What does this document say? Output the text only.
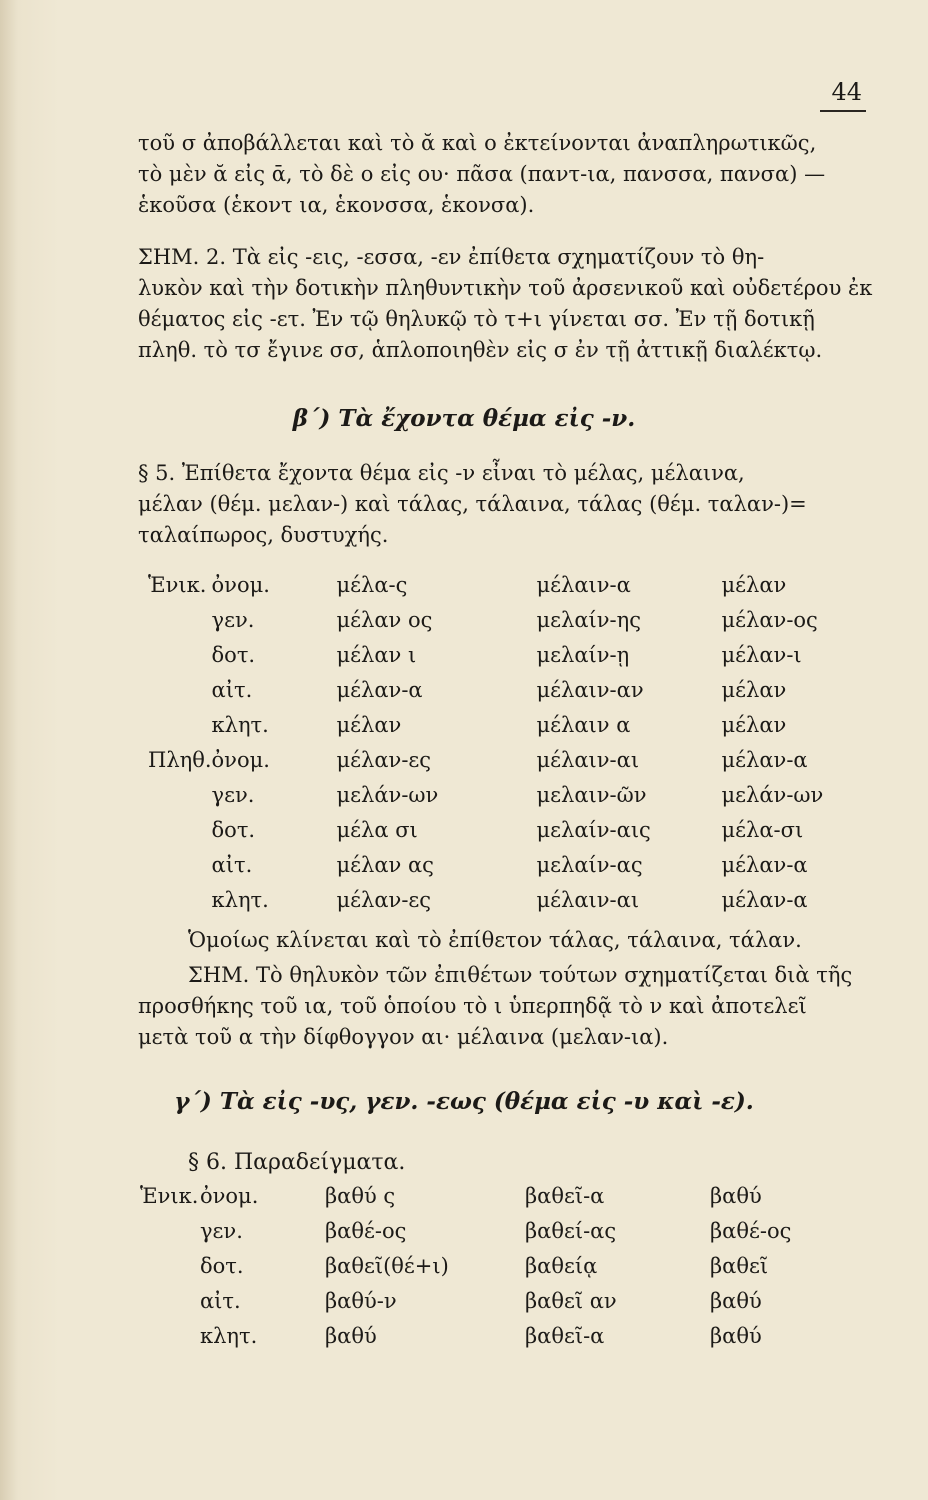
44
τοῦ σ ἀποβάλλεται καὶ τὸ ᾰ καὶ ο ἐκτείνονται ἀναπληρωτικῶς,
τὸ μὲν ᾰ εἰς ᾱ, τὸ δὲ ο εἰς ου· πᾶσα (παντ-ια, πανσσα, πανσα) —
ἑκοῦσα (ἑκοντ ια, ἑκονσσα, ἑκονσα).
ΣΗΜ. 2. Τὰ εἰς -εις, -εσσα, -εν ἐπίθετα σχηματίζουν τὸ θη-
λυκὸν καὶ τὴν δοτικὴν πληθυντικὴν τοῦ ἀρσενικοῦ καὶ οὐδετέρου ἐκ
θέματος εἰς -ετ. Ἐν τῷ θηλυκῷ τὸ τ+ι γίνεται σσ. Ἐν τῇ δοτικῇ
πληθ. τὸ τσ ἔγινε σσ, ἁπλοποιηθὲν εἰς σ ἐν τῇ ἀττικῇ διαλέκτῳ.
β΄) Τὰ ἔχοντα θέμα εἰς -ν.
§ 5. Ἐπίθετα ἔχοντα θέμα εἰς -ν εἶναι τὸ μέλας, μέλαινα,
μέλαν (θέμ. μελαν-) καὶ τάλας, τάλαινα, τάλας (θέμ. ταλαν-)=
ταλαίπωρος, δυστυχής.
Ἑνικ.	ὀνομ.	μέλα-ς	μέλαιν-α	μέλαν
	γεν.	μέλαν ος	μελαίν-ης	μέλαν-ος
	δοτ.	μέλαν ι	μελαίν-ῃ	μέλαν-ι
	αἰτ.	μέλαν-α	μέλαιν-αν	μέλαν
	κλητ.	μέλαν	μέλαιν α	μέλαν
Πληθ.	ὀνομ.	μέλαν-ες	μέλαιν-αι	μέλαν-α
	γεν.	μελάν-ων	μελαιν-ῶν	μελάν-ων
	δοτ.	μέλα σι	μελαίν-αις	μέλα-σι
	αἰτ.	μέλαν ας	μελαίν-ας	μέλαν-α
	κλητ.	μέλαν-ες	μέλαιν-αι	μέλαν-α
Ὁμοίως κλίνεται καὶ τὸ ἐπίθετον τάλας, τάλαινα, τάλαν.
ΣΗΜ. Τὸ θηλυκὸν τῶν ἐπιθέτων τούτων σχηματίζεται διὰ τῆς
προσθήκης τοῦ ια, τοῦ ὁποίου τὸ ι ὑπερπηδᾷ τὸ ν καὶ ἀποτελεῖ
μετὰ τοῦ α τὴν δίφθογγον αι· μέλαινα (μελαν-ια).
γ΄) Τὰ εἰς -υς, γεν. -εως (θέμα εἰς -υ καὶ -ε).
§ 6. Παραδείγματα.
Ἑνικ.	ὀνομ.	βαθύ ς	βαθεῖ-α	βαθύ
	γεν.	βαθέ-ος	βαθεί-ας	βαθέ-ος
	δοτ.	βαθεῖ(θέ+ι)	βαθείᾳ	βαθεῖ
	αἰτ.	βαθύ-ν	βαθεῖ αν	βαθύ
	κλητ.	βαθύ	βαθεῖ-α	βαθύ
